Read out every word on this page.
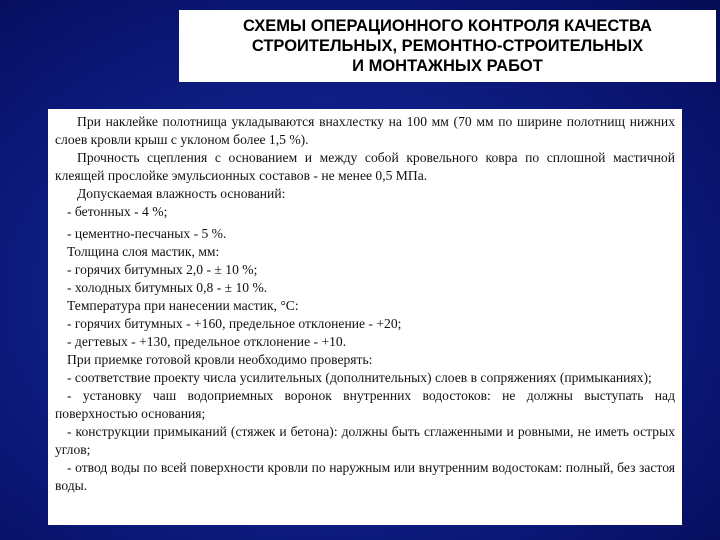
СХЕМЫ ОПЕРАЦИОННОГО КОНТРОЛЯ КАЧЕСТВА
СТРОИТЕЛЬНЫХ, РЕМОНТНО-СТРОИТЕЛЬНЫХ
И МОНТАЖНЫХ РАБОТ

При наклейке полотнища укладываются внахлестку на 100 мм (70 мм по ширине полотнищ нижних слоев кровли крыш с уклоном более 1,5 %).

Прочность сцепления с основанием и между собой кровельного ковра по сплошной мастичной клеящей прослойке эмульсионных составов - не менее 0,5 МПа.

Допускаемая влажность оснований:

- бетонных - 4 %;

- цементно-песчаных - 5 %.

Толщина слоя мастик, мм:

- горячих битумных 2,0 - ± 10 %;

- холодных битумных 0,8 - ± 10 %.

Температура при нанесении мастик, °С:

- горячих битумных - +160, предельное отклонение - +20;

- дегтевых - +130, предельное отклонение - +10.

При приемке готовой кровли необходимо проверять:

- соответствие проекту числа усилительных (дополнительных) слоев в сопряжениях (примыканиях);

- установку чаш водоприемных воронок внутренних водостоков: не должны выступать над поверхностью основания;

- конструкции примыканий (стяжек и бетона): должны быть сглаженными и ровными, не иметь острых углов;

- отвод воды по всей поверхности кровли по наружным или внутренним водостокам: полный, без застоя воды.
